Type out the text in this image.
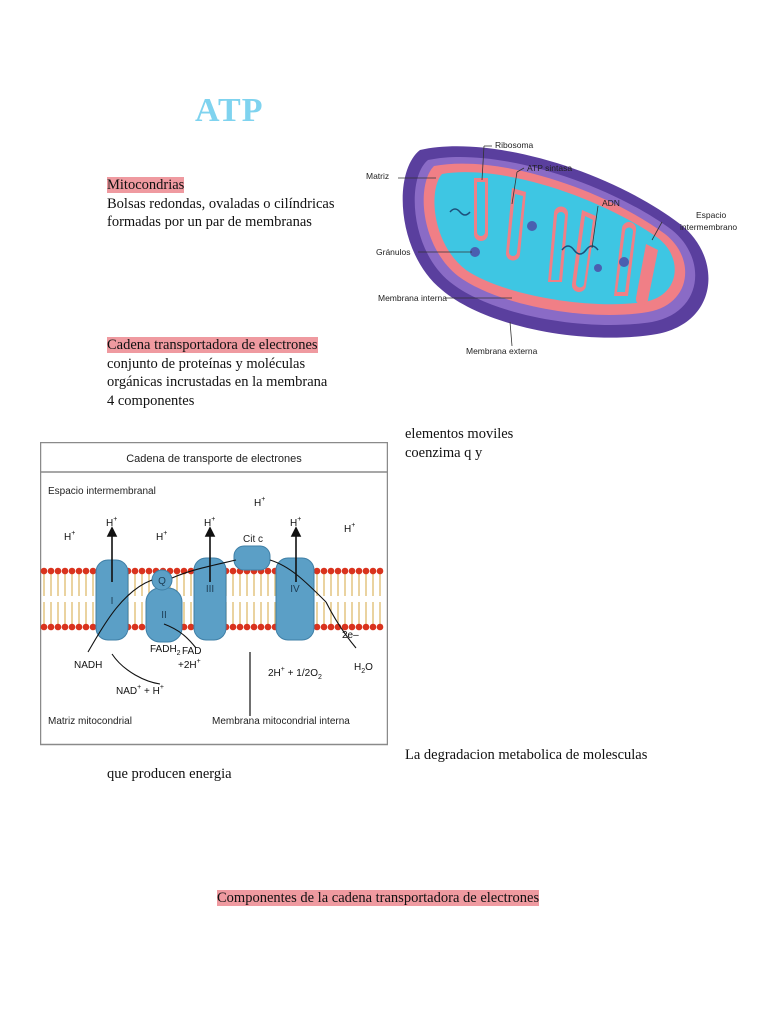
ATP
Mitocondrias
Bolsas redondas, ovaladas o cilíndricas
formadas por un par de membranas
Cadena transportadora de electrones
conjunto de proteínas y moléculas
orgánicas incrustadas en la membrana
4 componentes
elementos moviles
coenzima q y
La degradacion metabolica de molesculas
que producen energia
Componentes de la cadena transportadora de electrones
Matriz
Ribosoma
ATP sintasa
ADN
Espacio
intermembrano
Gránulos
Membrana interna
Membrana externa
Cadena de transporte de electrones
Espacio intermembranal
I
II
III	IV
Q
Cit c
H+
H+
H+
H+
H+
H+
H+
NADH
NAD+ + H+
$FADH_2$ FAD
+2H+
2e–
$2H^+ + 1/2O_2$
$H_2O$
Matriz mitocondrial	Membrana mitocondrial interna
